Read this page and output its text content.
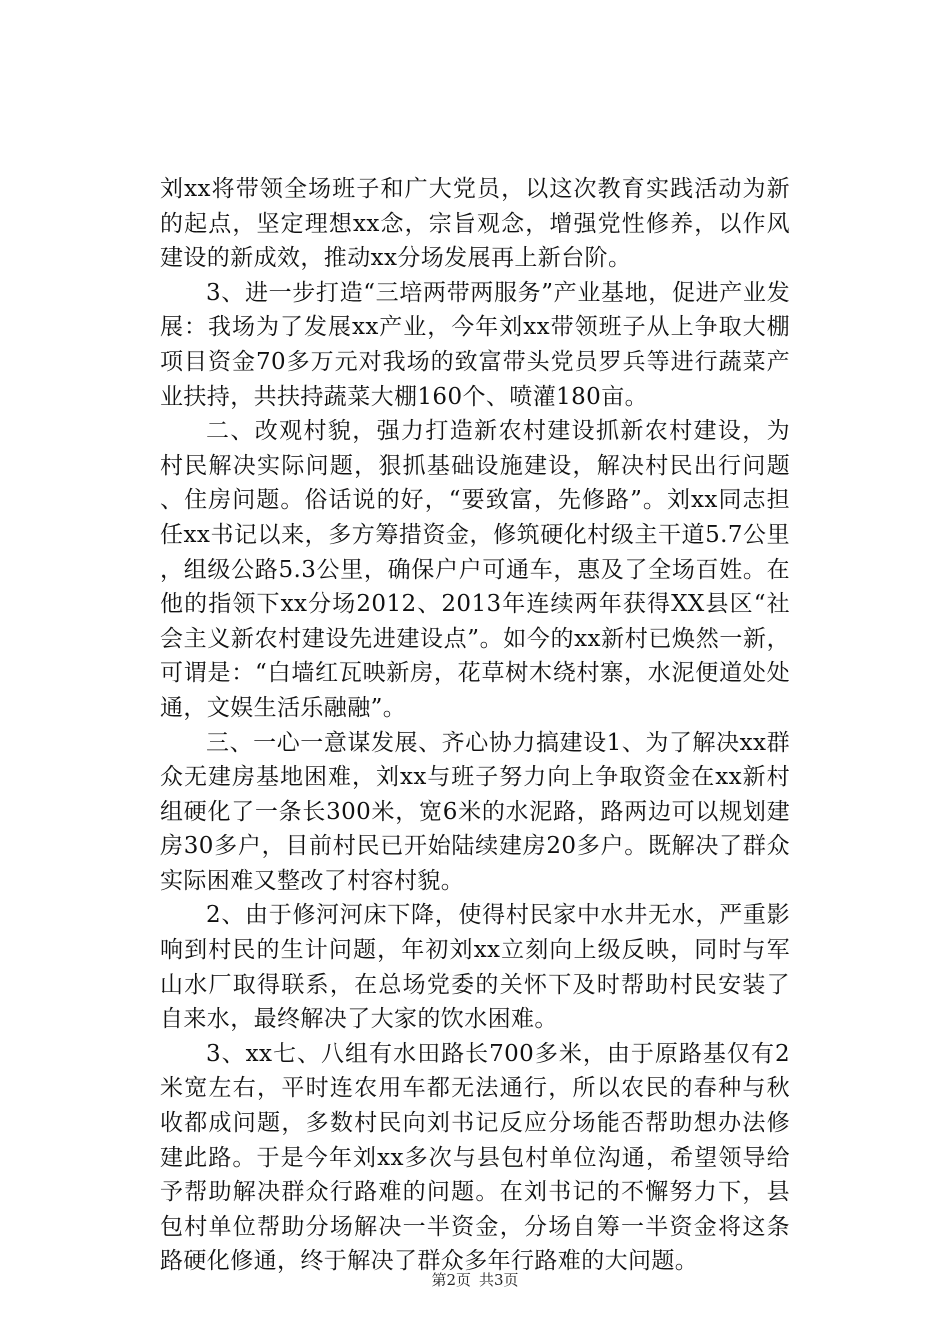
刘xx将带领全场班子和广大党员，以这次教育实践活动为新的起点，坚定理想xx念，宗旨观念，增强党性修养，以作风建设的新成效，推动xx分场发展再上新台阶。

3、进一步打造“三培两带两服务”产业基地，促进产业发展：我场为了发展xx产业，今年刘xx带领班子从上争取大棚项目资金70多万元对我场的致富带头党员罗兵等进行蔬菜产业扶持，共扶持蔬菜大棚160个、喷灌180亩。

二、改观村貌，强力打造新农村建设抓新农村建设，为村民解决实际问题，狠抓基础设施建设，解决村民出行问题、住房问题。俗话说的好，“要致富，先修路”。刘xx同志担任xx书记以来，多方筹措资金，修筑硬化村级主干道5.7公里，组级公路5.3公里，确保户户可通车，惠及了全场百姓。在他的指领下xx分场2012、2013年连续两年获得XX县区“社会主义新农村建设先进建设点”。如今的xx新村已焕然一新，可谓是：“白墙红瓦映新房，花草树木绕村寨，水泥便道处处通，文娱生活乐融融”。

三、一心一意谋发展、齐心协力搞建设1、为了解决xx群众无建房基地困难，刘xx与班子努力向上争取资金在xx新村组硬化了一条长300米，宽6米的水泥路，路两边可以规划建房30多户，目前村民已开始陆续建房20多户。既解决了群众实际困难又整改了村容村貌。

2、由于修河河床下降，使得村民家中水井无水，严重影响到村民的生计问题，年初刘xx立刻向上级反映，同时与军山水厂取得联系，在总场党委的关怀下及时帮助村民安装了自来水，最终解决了大家的饮水困难。

3、xx七、八组有水田路长700多米，由于原路基仅有2米宽左右，平时连农用车都无法通行，所以农民的春种与秋收都成问题，多数村民向刘书记反应分场能否帮助想办法修建此路。于是今年刘xx多次与县包村单位沟通，希望领导给予帮助解决群众行路难的问题。在刘书记的不懈努力下，县包村单位帮助分场解决一半资金，分场自筹一半资金将这条路硬化修通，终于解决了群众多年行路难的大问题。

第2页 共3页
